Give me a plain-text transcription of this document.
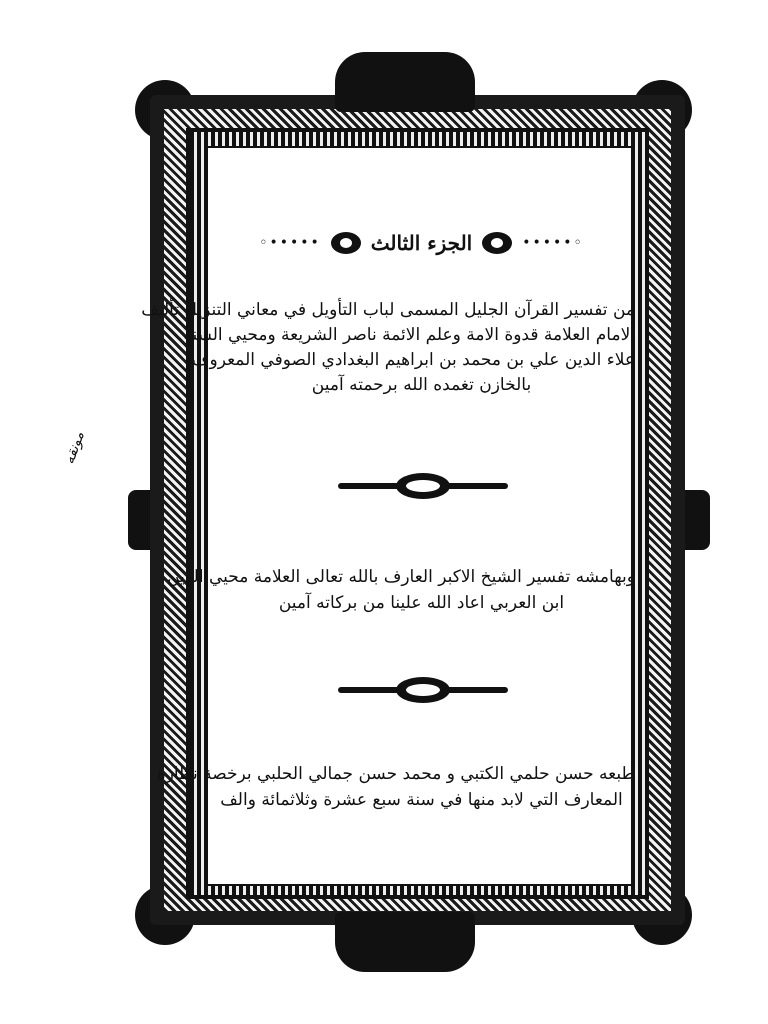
مونقه
◦•••••
الجزء الثالث
•••••◦
من تفسير القرآن الجليل المسمى لباب التأويل في معاني التنزيل تأليف
الامام العلامة قدوة الامة وعلم الائمة ناصر الشريعة ومحيي السنة
علاء الدين علي بن محمد بن ابراهيم البغدادي الصوفي المعروف
بالخازن تغمده الله برحمته آمين
وبهامشه تفسير الشيخ الاكبر العارف بالله تعالى العلامة محيي الدين
ابن العربي اعاد الله علينا من بركاته آمين
طبعه حسن حلمي الكتبي و محمد حسن جمالي الحلبي برخصة نظارة
المعارف التي لابد منها في سنة سبع عشرة وثلاثمائة والف
